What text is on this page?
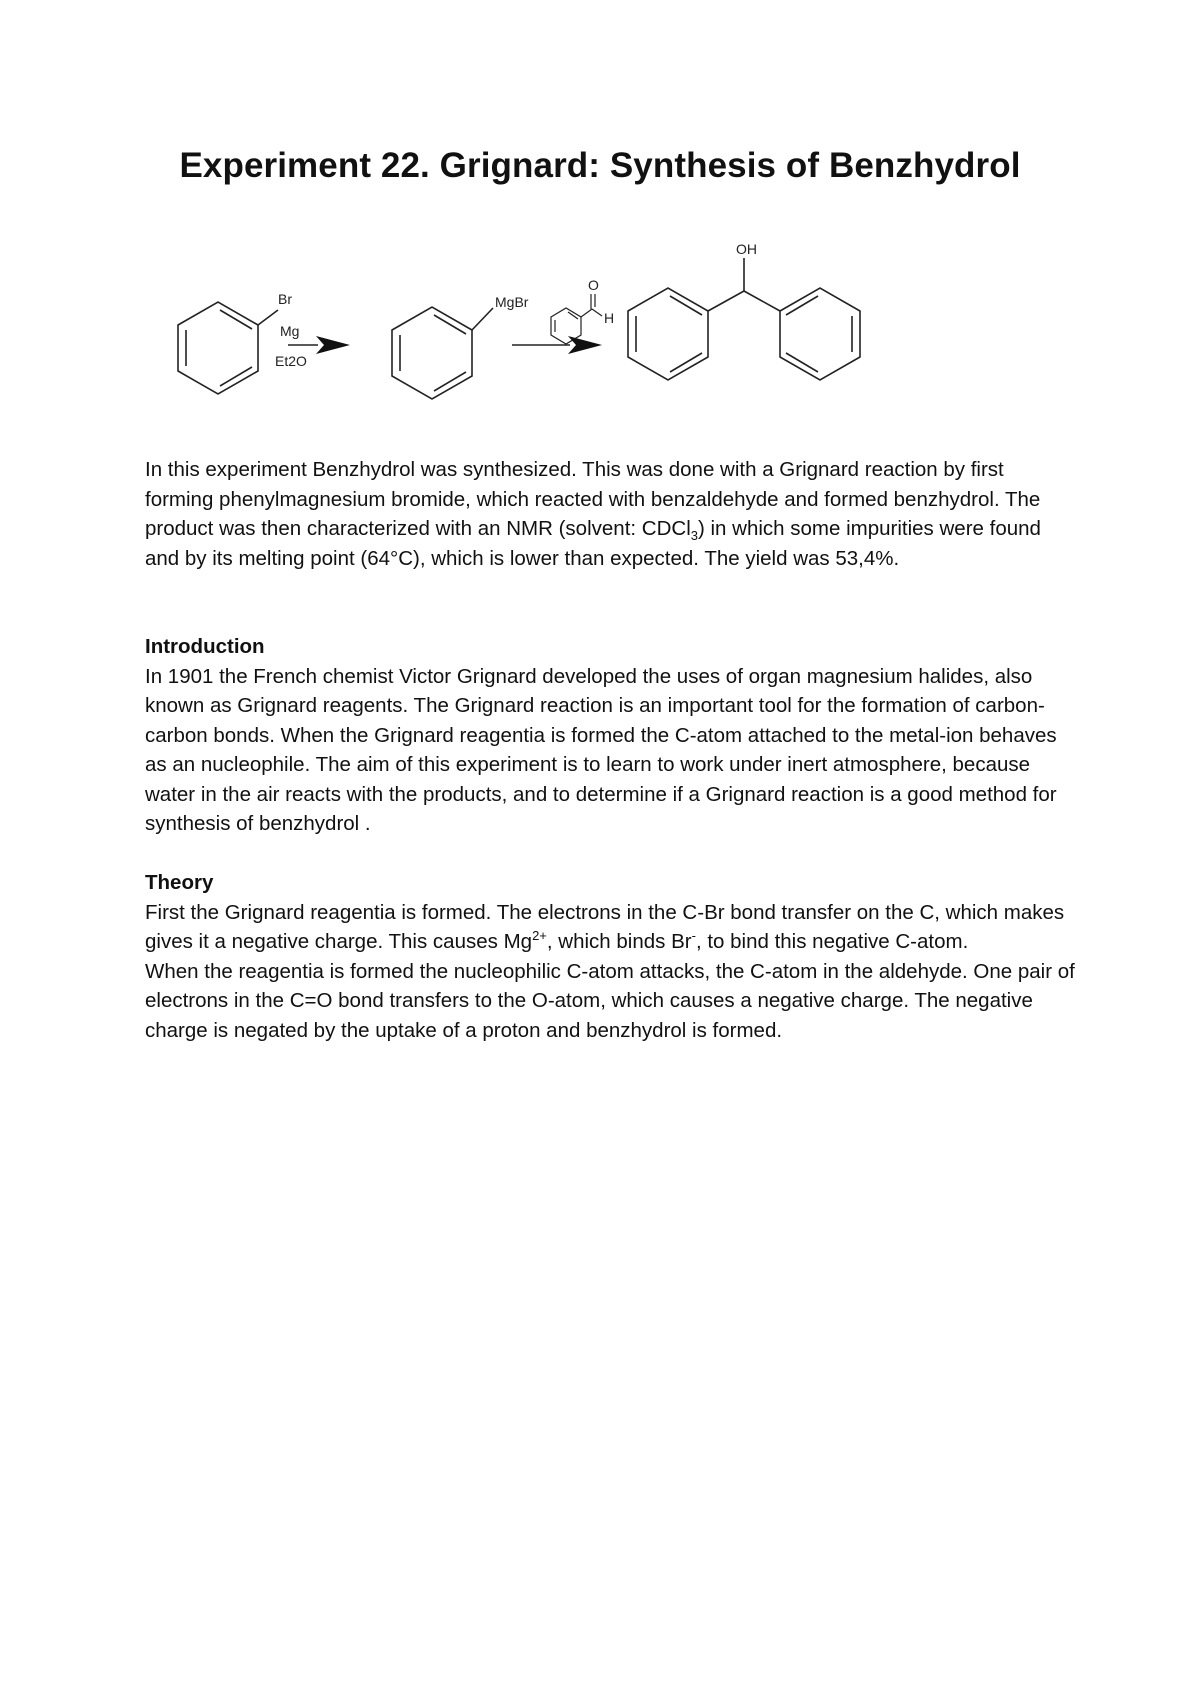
Experiment 22. Grignard: Synthesis of Benzhydrol
Br
Mg
Et2O
MgBr
O
H
OH

In this experiment Benzhydrol was synthesized. This was done with a Grignard reaction by first forming phenylmagnesium bromide, which reacted with benzaldehyde and formed benzhydrol. The product was then characterized with an NMR (solvent: CDCl$_3$) in which some impurities were found and by its melting point (64°C), which is lower than expected. The yield was 53,4%.

Introduction

In 1901 the French chemist Victor Grignard developed the uses of organ magnesium halides, also known as Grignard reagents. The Grignard reaction is an important tool for the formation of carbon-carbon bonds. When the Grignard reagentia is formed the C-atom attached to the metal-ion behaves as an nucleophile. The aim of this experiment is to learn to work under inert atmosphere, because water in the air reacts with the products, and to determine if a Grignard reaction is a good method for synthesis of benzhydrol .

Theory

First the Grignard reagentia is formed. The electrons in the C-Br bond transfer on the C, which makes gives it a negative charge. This causes $Mg^{2+}$, which binds Br-, to bind this negative C-atom.

When the reagentia is formed the nucleophilic C-atom attacks, the C-atom in the aldehyde. One pair of electrons in the C=O bond transfers to the O-atom, which causes a negative charge. The negative charge is negated by the uptake of a proton and benzhydrol is formed.
